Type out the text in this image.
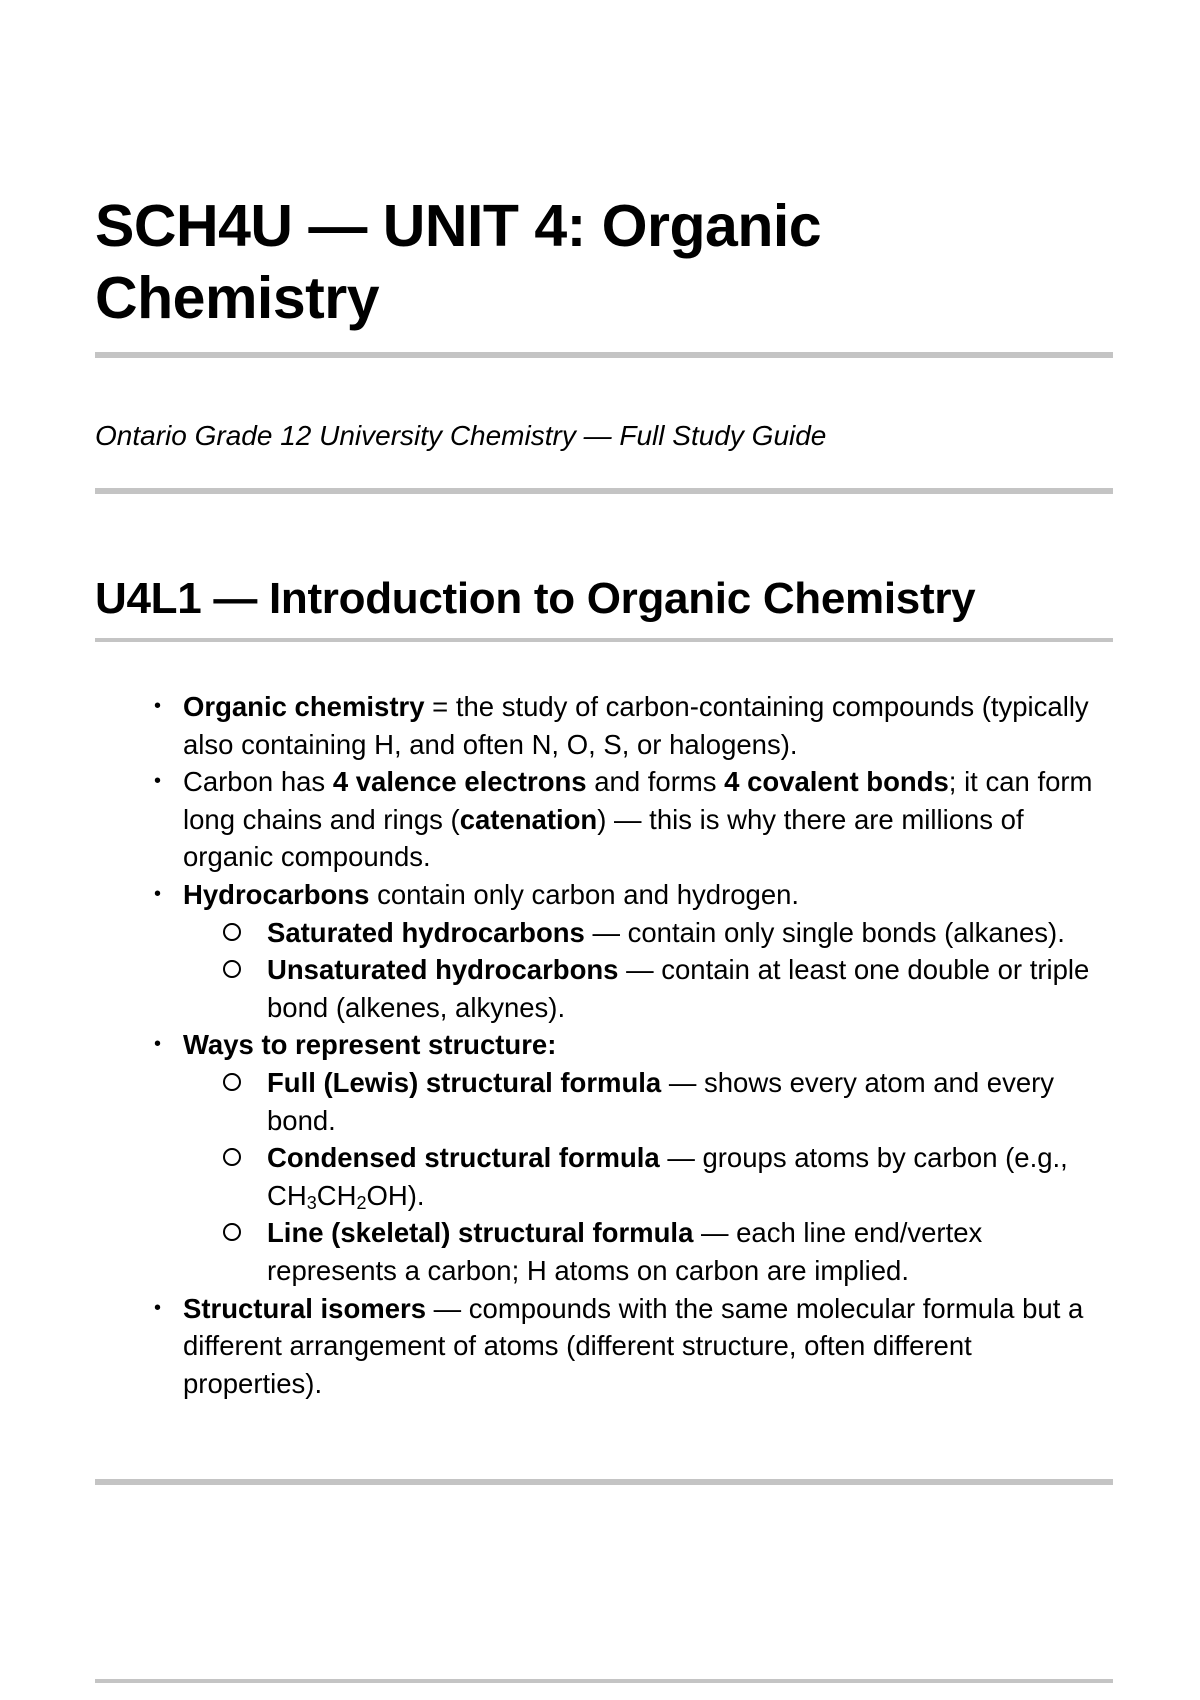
SCH4U — UNIT 4: Organic Chemistry

Ontario Grade 12 University Chemistry — Full Study Guide

U4L1 — Introduction to Organic Chemistry
• Organic chemistry = the study of carbon-containing compounds (typically also containing H, and often N, O, S, or halogens).
• Carbon has 4 valence electrons and forms 4 covalent bonds; it can form long chains and rings (catenation) — this is why there are millions of organic compounds.
• Hydrocarbons contain only carbon and hydrogen.
Saturated hydrocarbons — contain only single bonds (alkanes).
Unsaturated hydrocarbons — contain at least one double or triple bond (alkenes, alkynes).
• Ways to represent structure:
Full (Lewis) structural formula — shows every atom and every bond.
Condensed structural formula — groups atoms by carbon (e.g., $CH_3CH_2OH$).
Line (skeletal) structural formula — each line end/vertex represents a carbon; H atoms on carbon are implied.
• Structural isomers — compounds with the same molecular formula but a different arrangement of atoms (different structure, often different properties).
